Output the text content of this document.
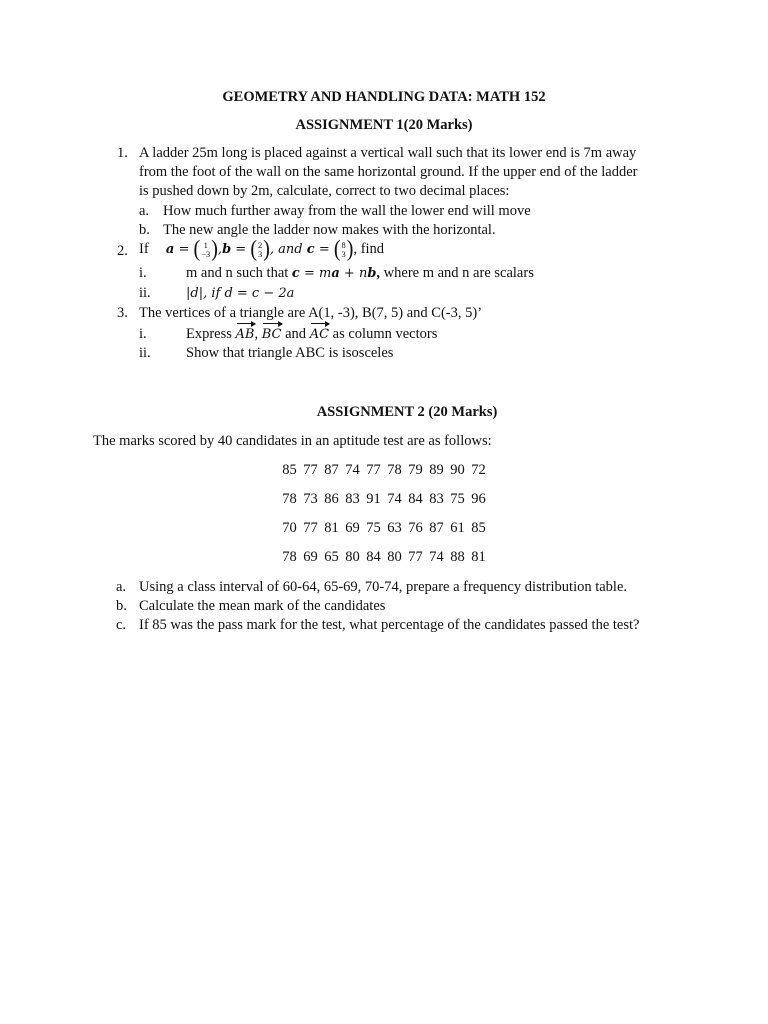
GEOMETRY AND HANDLING DATA: MATH 152
ASSIGNMENT 1(20 Marks)
1. A ladder 25m long is placed against a vertical wall such that its lower end is 7m away
from the foot of the wall on the same horizontal ground. If the upper end of the ladder
is pushed down by 2m, calculate, correct to two decimal places:
a. How much further away from the wall the lower end will move
b. The new angle the ladder now makes with the horizontal.
2. If a = ( 1
−3 ) ,b = ( 2
3 ) , and c = ( 8
3 ) , find
i.	m and n such that c = ma + nb, where m and n are scalars
ii.	|d|, if d = c − 2a
3. The vertices of a triangle are A(1, -3), B(7, 5) and C(-3, 5)’
i.	Express AB, BC and AC as column vectors
ii. Show that triangle ABC is isosceles
ASSIGNMENT 2 (20 Marks)
The marks scored by 40 candidates in an aptitude test are as follows:
85 77 87 74 77 78 79 89 90 72
78 73 86 83 91 74 84 83 75 96
70 77 81 69 75 63 76 87 61 85
78 69 65 80 84 80 77 74 88 81
a. Using a class interval of 60-64, 65-69, 70-74, prepare a frequency distribution table.
b. Calculate the mean mark of the candidates
c. If 85 was the pass mark for the test, what percentage of the candidates passed the test?
